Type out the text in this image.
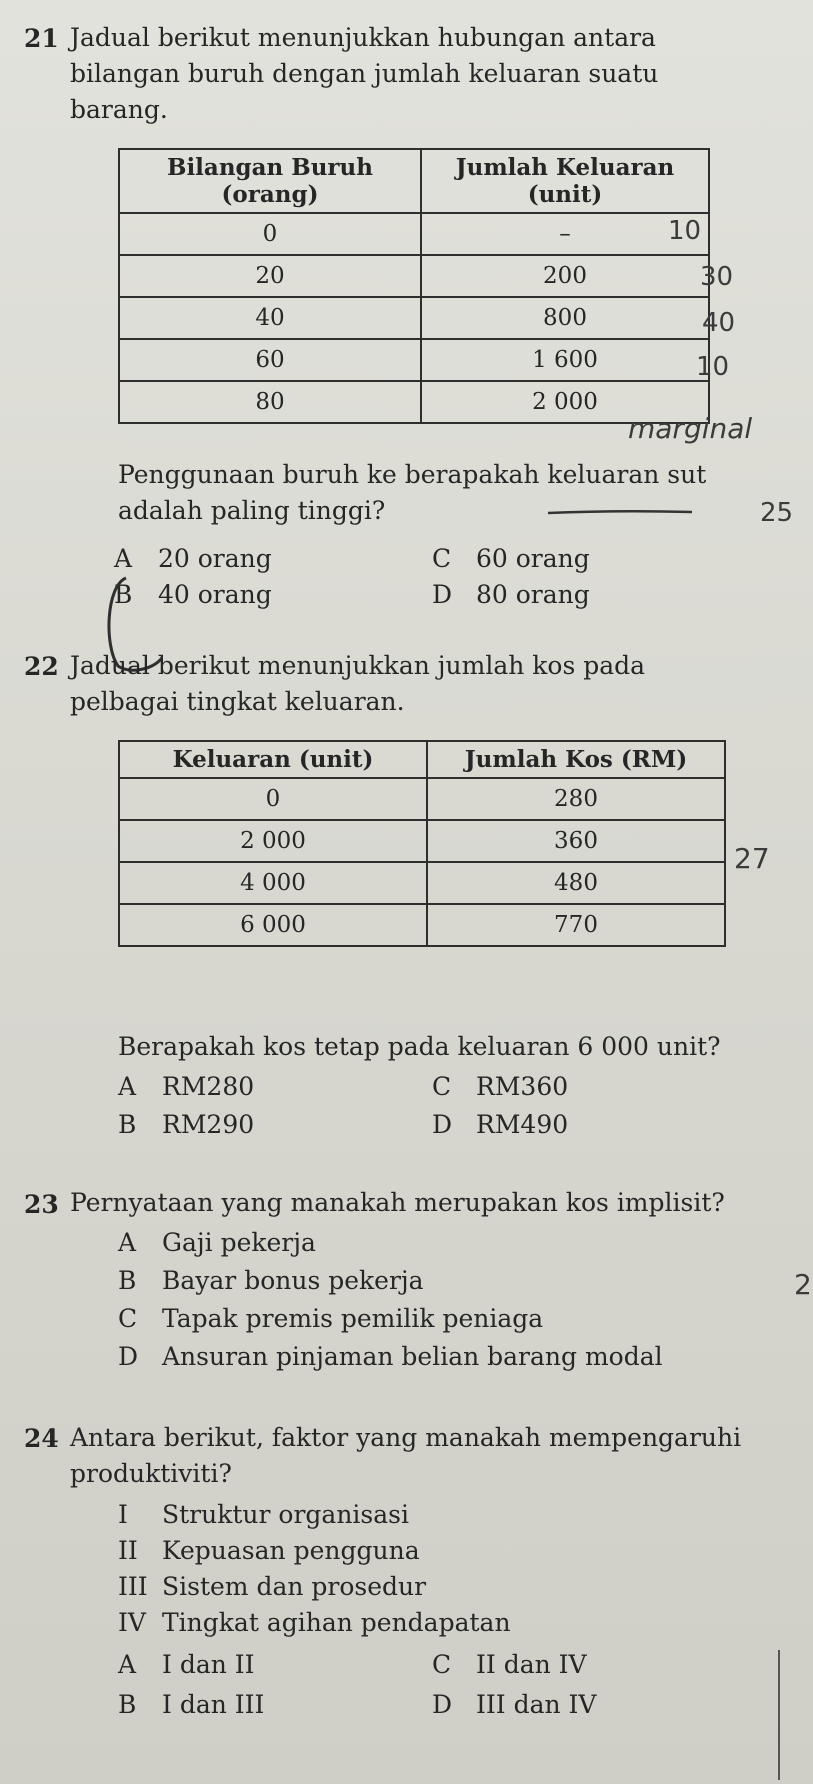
21 Jadual berikut menunjukkan hubungan antara bilangan buruh dengan jumlah keluaran suatu barang.
Bilangan Buruh (orang)	Jumlah Keluaran (unit)
0	–
20	200
40	800
60	1 600
80	2 000
10
30
40
10
marginal
25
Penggunaan buruh ke berapakah keluaran sut
adalah paling tinggi?
A 20 orang	C 60 orang
B 40 orang	D 80 orang
22 Jadual berikut menunjukkan jumlah kos pada pelbagai tingkat keluaran.
Keluaran (unit)	Jumlah Kos (RM)
0	280
2 000	360
4 000	480
6 000	770
27
Berapakah kos tetap pada keluaran 6 000 unit?
A RM280	C RM360
B RM290	D RM490
23 Pernyataan yang manakah merupakan kos implisit?
A Gaji pekerja
B Bayar bonus pekerja
C Tapak premis pemilik peniaga
D Ansuran pinjaman belian barang modal
2
24 Antara berikut, faktor yang manakah mempengaruhi produktiviti?
I Struktur organisasi
II Kepuasan pengguna
III Sistem dan prosedur
IV Tingkat agihan pendapatan
A I dan II	C II dan IV
B I dan III	D III dan IV
